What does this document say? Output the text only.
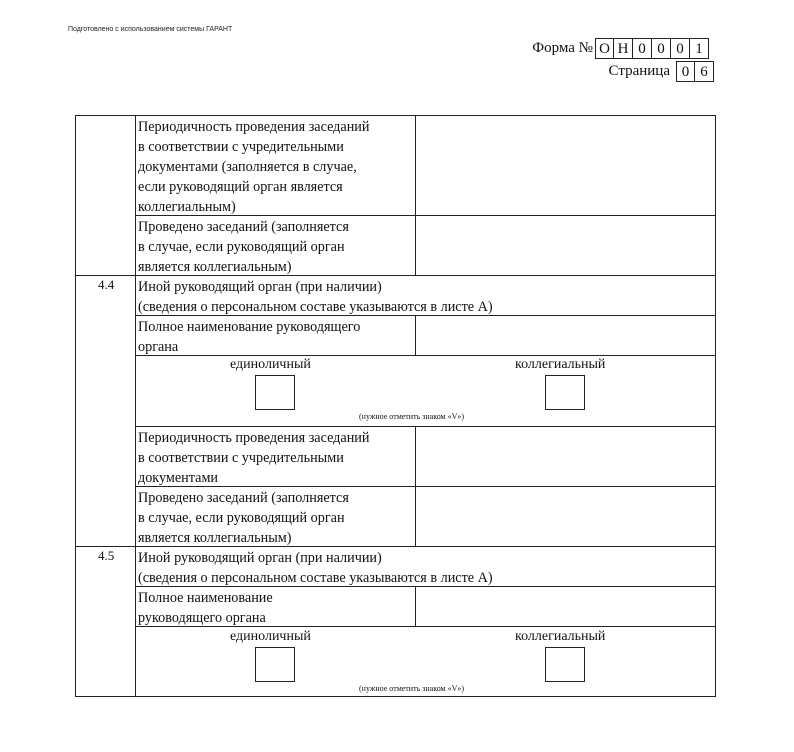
Подготовлено с использованием системы ГАРАНТ
Форма № О Н 0 0 0 1
Страница 0 6
Периодичность проведения заседаний
в соответствии с учредительными
документами (заполняется в случае,
если руководящий орган является
коллегиальным)
Проведено заседаний (заполняется
в случае, если руководящий орган
является коллегиальным)
4.4 Иной руководящий орган (при наличии)
(сведения о персональном составе указываются в листе А)
Полное наименование руководящего
органа
единоличный	коллегиальный
(нужное отметить знаком «V»)
Периодичность проведения заседаний
в соответствии с учредительными
документами
Проведено заседаний (заполняется
в случае, если руководящий орган
является коллегиальным)
4.5 Иной руководящий орган (при наличии)
(сведения о персональном составе указываются в листе А)
Полное наименование
руководящего органа
единоличный	коллегиальный
(нужное отметить знаком «V»)
